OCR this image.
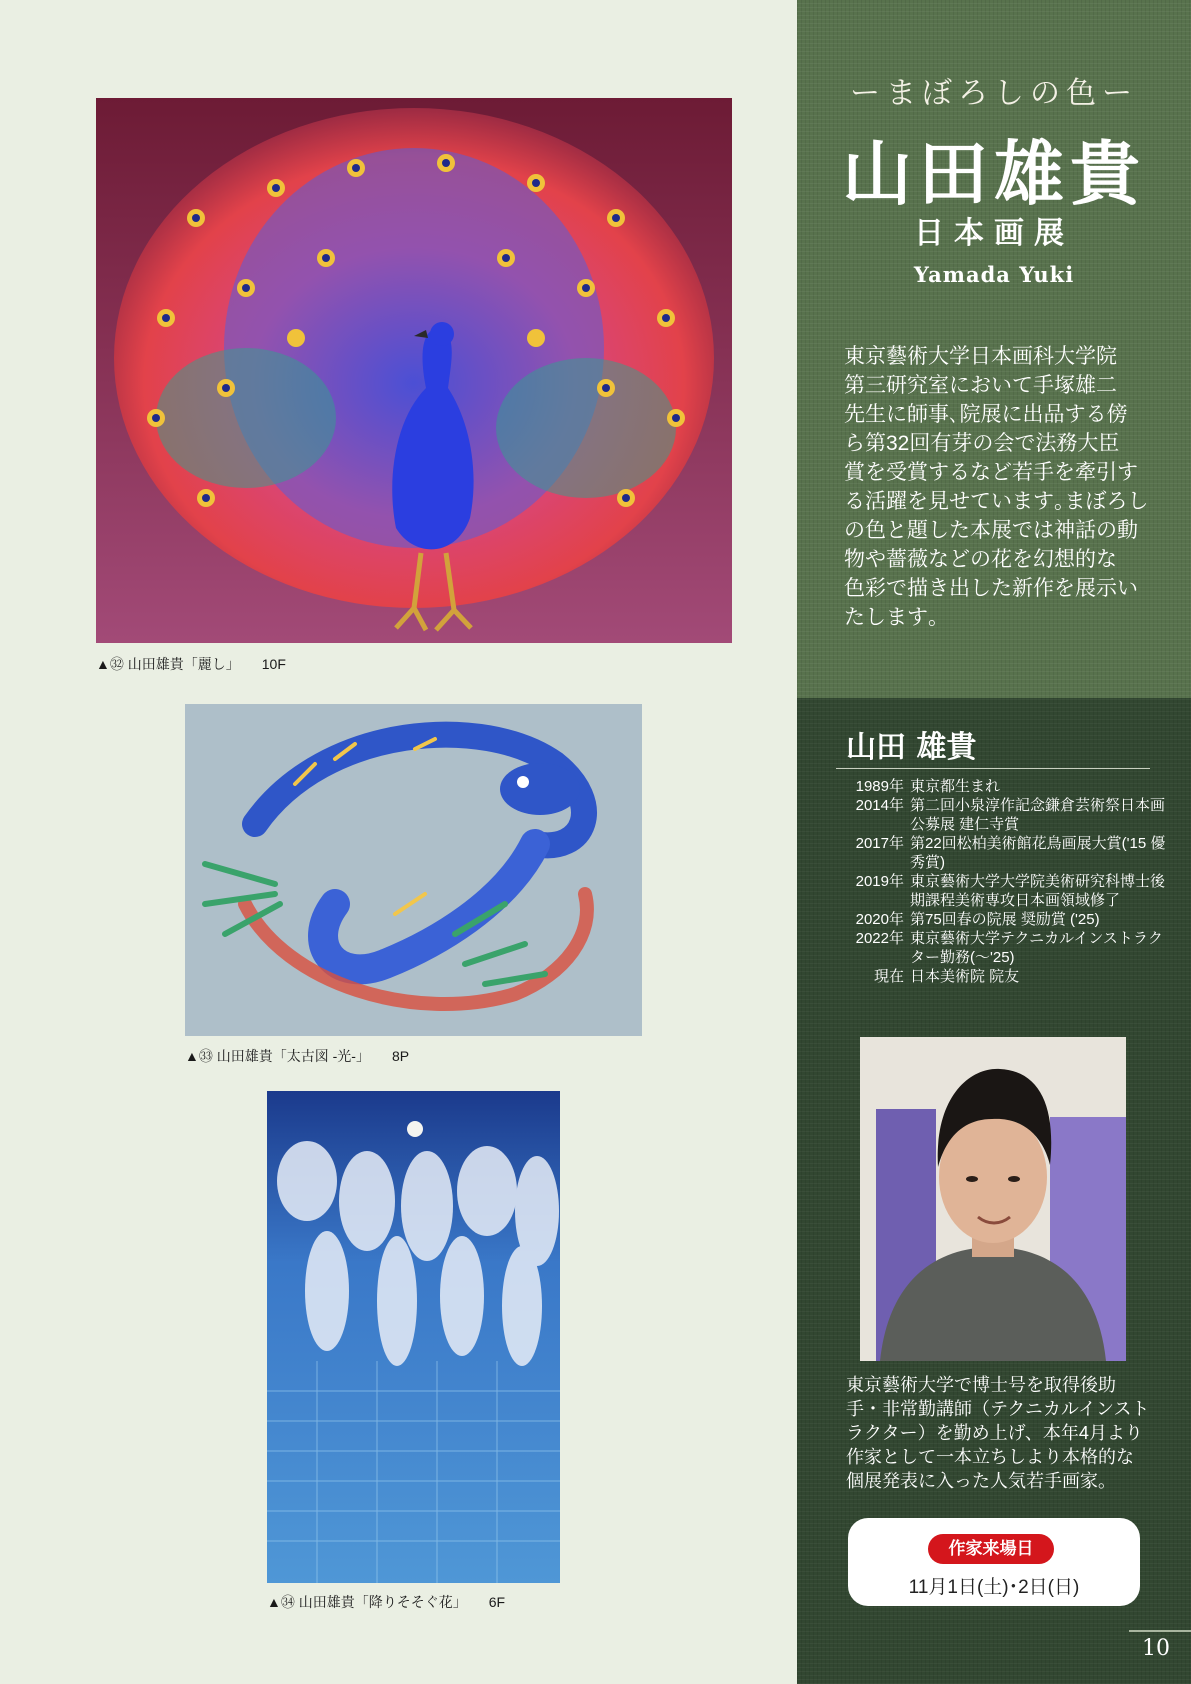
▲㉜ 山田雄貴「麗し」 10F
▲㉝ 山田雄貴「太古図 -光-」 8P
▲㉞ 山田雄貴「降りそそぐ花」 6F
ーまぼろしの色ー
山田雄貴
日本画展
Yamada Yuki

東京藝術大学日本画科大学院

第三研究室において手塚雄二

先生に師事､院展に出品する傍

ら第32回有芽の会で法務大臣

賞を受賞するなど若手を牽引す

る活躍を見せています｡まぼろし

の色と題した本展では神話の動

物や薔薇などの花を幻想的な

色彩で描き出した新作を展示い

たします｡

山田 雄貴
1989年 東京都生まれ
2014年 第二回小泉淳作記念鎌倉芸術祭日本画公募展 建仁寺賞
2017年 第22回松柏美術館花鳥画展大賞('15 優秀賞)
2019年 東京藝術大学大学院美術研究科博士後期課程美術専攻日本画領域修了
2020年 第75回春の院展 奨励賞 ('25)
2022年 東京藝術大学テクニカルインストラクター勤務(〜'25)
現在 日本美術院 院友

東京藝術大学で博士号を取得後助

手・非常勤講師（テクニカルインスト

ラクター）を勤め上げ、本年4月より

作家として一本立ちしより本格的な

個展発表に入った人気若手画家。

作家来場日
11月1日(土)･2日(日)
10
